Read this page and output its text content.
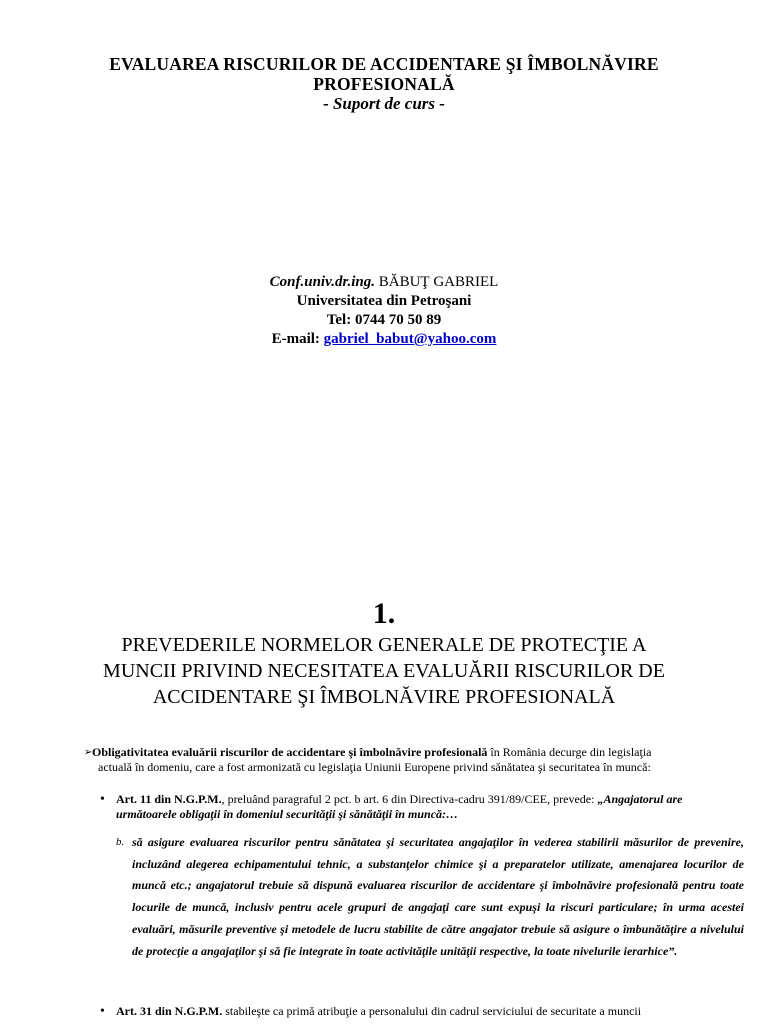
EVALUAREA RISCURILOR DE ACCIDENTARE ŞI ÎMBOLNĂVIRE
PROFESIONALĂ
- Suport de curs -
Conf.univ.dr.ing. BĂBUŢ GABRIEL
Universitatea din Petroşani
Tel: 0744 70 50 89
E-mail: gabriel_babut@yahoo.com
1.
PREVEDERILE NORMELOR GENERALE DE PROTECŢIE A
MUNCII PRIVIND NECESITATEA EVALUĂRII RISCURILOR DE
ACCIDENTARE ŞI ÎMBOLNĂVIRE PROFESIONALĂ
➢ Obligativitatea evaluării riscurilor de accidentare şi îmbolnăvire profesională în România decurge din legislaţia
actuală în domeniu, care a fost armonizată cu legislaţia Uniunii Europene privind sănătatea şi securitatea în muncă:
• Art. 11 din N.G.P.M., preluând paragraful 2 pct. b art. 6 din Directiva-cadru 391/89/CEE, prevede: „Angajatorul are următoarele obligaţii în domeniul securităţii şi sănătăţii în muncă:…
b. să asigure evaluarea riscurilor pentru sănătatea şi securitatea angajaţilor în vederea stabilirii măsurilor de prevenire, incluzând alegerea echipamentului tehnic, a substanţelor chimice şi a preparatelor utilizate, amenajarea locurilor de muncă etc.; angajatorul trebuie să dispună evaluarea riscurilor de accidentare şi îmbolnăvire profesională pentru toate locurile de muncă, inclusiv pentru acele grupuri de angajaţi care sunt expuşi la riscuri particulare; în urma acestei evaluări, măsurile preventive şi metodele de lucru stabilite de către angajator trebuie să asigure o îmbunătăţire a nivelului de protecţie a angajaţilor şi să fie integrate în toate activităţile unităţii respective, la toate nivelurile ierarhice”.
• Art. 31 din N.G.P.M. stabileşte ca primă atribuţie a personalului din cadrul serviciului de securitate a muncii
